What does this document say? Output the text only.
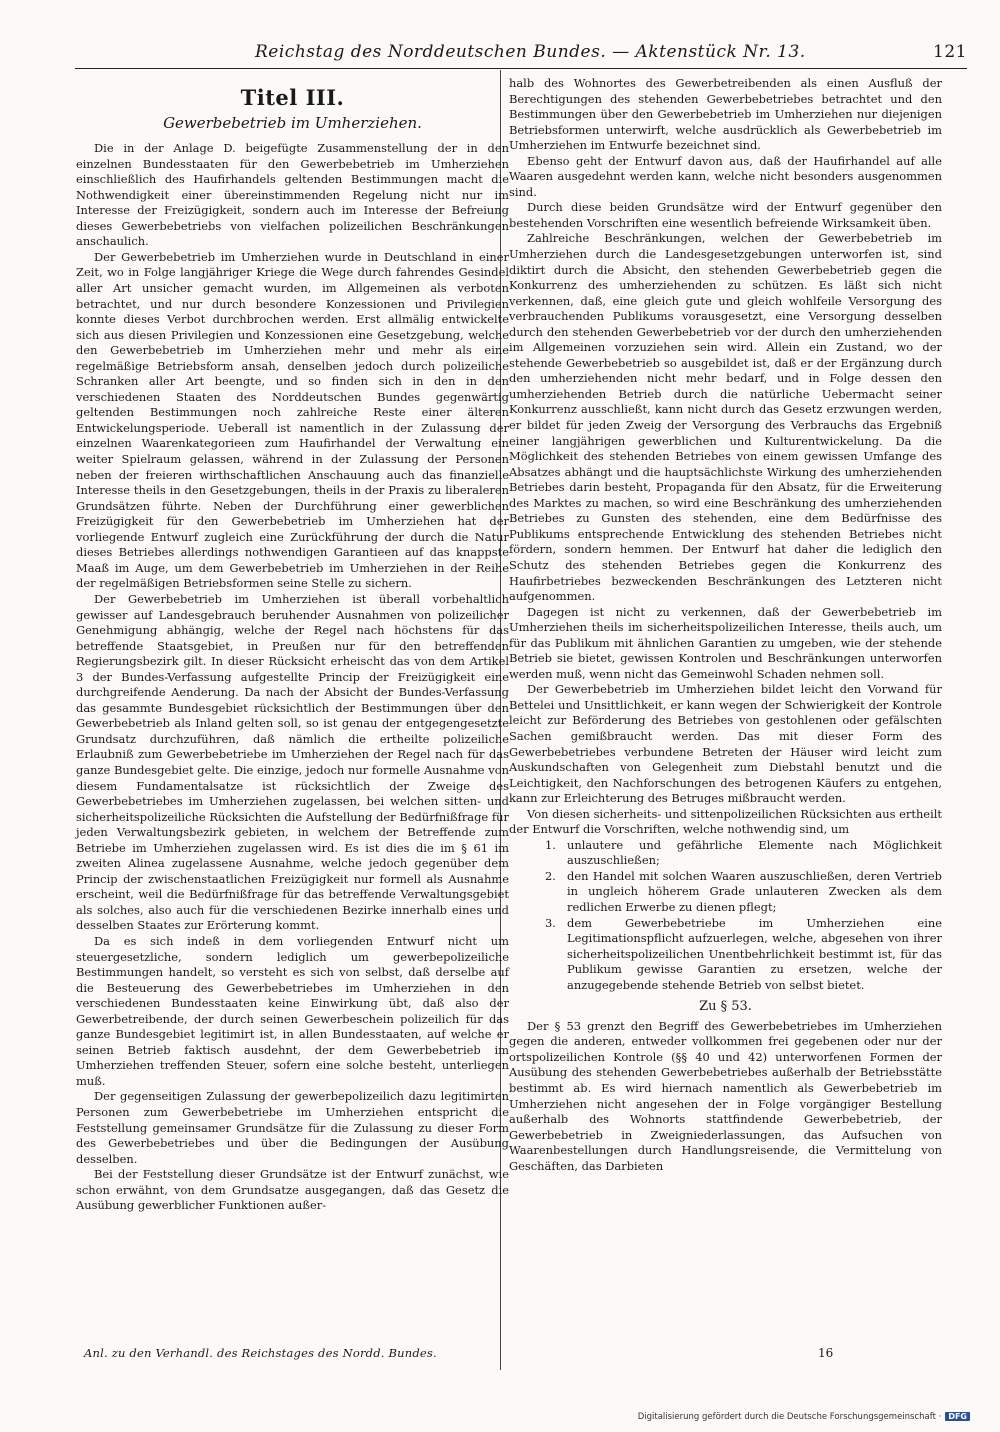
Reichstag des Norddeutschen Bundes. — Aktenstück Nr. 13.	121
Titel III.
Gewerbebetrieb im Umherziehen.

Die in der Anlage D. beigefügte Zusammenstellung der in den einzelnen Bundesstaaten für den Gewerbebetrieb im Umherziehen einschließlich des Haufirhandels geltenden Bestimmungen macht die Nothwendigkeit einer übereinstimmenden Regelung nicht nur im Interesse der Freizügigkeit, sondern auch im Interesse der Befreiung dieses Gewerbebetriebs von vielfachen polizeilichen Beschränkungen anschaulich.

Der Gewerbebetrieb im Umherziehen wurde in Deutschland in einer Zeit, wo in Folge langjähriger Kriege die Wege durch fahrendes Gesindel aller Art unsicher gemacht wurden, im Allgemeinen als verboten betrachtet, und nur durch besondere Konzessionen und Privilegien konnte dieses Verbot durchbrochen werden. Erst allmälig entwickelte sich aus diesen Privilegien und Konzessionen eine Gesetzgebung, welche den Gewerbebetrieb im Umherziehen mehr und mehr als eine regelmäßige Betriebsform ansah, denselben jedoch durch polizeiliche Schranken aller Art beengte, und so finden sich in den in den verschiedenen Staaten des Norddeutschen Bundes gegenwärtig geltenden Bestimmungen noch zahlreiche Reste einer älteren Entwickelungsperiode. Ueberall ist namentlich in der Zulassung der einzelnen Waarenkategorieen zum Haufirhandel der Verwaltung ein weiter Spielraum gelassen, während in der Zulassung der Personen neben der freieren wirthschaftlichen Anschauung auch das finanzielle Interesse theils in den Gesetzgebungen, theils in der Praxis zu liberaleren Grundsätzen führte. Neben der Durchführung einer gewerblichen Freizügigkeit für den Gewerbebetrieb im Umherziehen hat der vorliegende Entwurf zugleich eine Zurückführung der durch die Natur dieses Betriebes allerdings nothwendigen Garantieen auf das knappste Maaß im Auge, um dem Gewerbebetrieb im Umherziehen in der Reihe der regelmäßigen Betriebsformen seine Stelle zu sichern.

Der Gewerbebetrieb im Umherziehen ist überall vorbehaltlich gewisser auf Landesgebrauch beruhender Ausnahmen von polizeilicher Genehmigung abhängig, welche der Regel nach höchstens für das betreffende Staatsgebiet, in Preußen nur für den betreffenden Regierungsbezirk gilt. In dieser Rücksicht erheischt das von dem Artikel 3 der Bundes-Verfassung aufgestellte Princip der Freizügigkeit eine durchgreifende Aenderung. Da nach der Absicht der Bundes-Verfassung das gesammte Bundesgebiet rücksichtlich der Bestimmungen über den Gewerbebetrieb als Inland gelten soll, so ist genau der entgegengesetzte Grundsatz durchzuführen, daß nämlich die ertheilte polizeiliche Erlaubniß zum Gewerbebetriebe im Umherziehen der Regel nach für das ganze Bundesgebiet gelte. Die einzige, jedoch nur formelle Ausnahme von diesem Fundamentalsatze ist rücksichtlich der Zweige des Gewerbebetriebes im Umherziehen zugelassen, bei welchen sitten- und sicherheitspolizeiliche Rücksichten die Aufstellung der Bedürfnißfrage für jeden Verwaltungsbezirk gebieten, in welchem der Betreffende zum Betriebe im Umherziehen zugelassen wird. Es ist dies die im § 61 im zweiten Alinea zugelassene Ausnahme, welche jedoch gegenüber dem Princip der zwischenstaatlichen Freizügigkeit nur formell als Ausnahme erscheint, weil die Bedürfnißfrage für das betreffende Verwaltungsgebiet als solches, also auch für die verschiedenen Bezirke innerhalb eines und desselben Staates zur Erörterung kommt.

Da es sich indeß in dem vorliegenden Entwurf nicht um steuergesetzliche, sondern lediglich um gewerbepolizeiliche Bestimmungen handelt, so versteht es sich von selbst, daß derselbe auf die Besteuerung des Gewerbebetriebes im Umherziehen in den verschiedenen Bundesstaaten keine Einwirkung übt, daß also der Gewerbetreibende, der durch seinen Gewerbeschein polizeilich für das ganze Bundesgebiet legitimirt ist, in allen Bundesstaaten, auf welche er seinen Betrieb faktisch ausdehnt, der dem Gewerbebetrieb im Umherziehen treffenden Steuer, sofern eine solche besteht, unterliegen muß.

Der gegenseitigen Zulassung der gewerbepolizeilich dazu legitimirten Personen zum Gewerbebetriebe im Umherziehen entspricht die Feststellung gemeinsamer Grundsätze für die Zulassung zu dieser Form des Gewerbebetriebes und über die Bedingungen der Ausübung desselben.

Bei der Feststellung dieser Grundsätze ist der Entwurf zunächst, wie schon erwähnt, von dem Grundsatze ausgegangen, daß das Gesetz die Ausübung gewerblicher Funktionen außer-

halb des Wohnortes des Gewerbetreibenden als einen Ausfluß der Berechtigungen des stehenden Gewerbebetriebes betrachtet und den Bestimmungen über den Gewerbebetrieb im Umherziehen nur diejenigen Betriebsformen unterwirft, welche ausdrücklich als Gewerbebetrieb im Umherziehen im Entwurfe bezeichnet sind.

Ebenso geht der Entwurf davon aus, daß der Haufirhandel auf alle Waaren ausgedehnt werden kann, welche nicht besonders ausgenommen sind.

Durch diese beiden Grundsätze wird der Entwurf gegenüber den bestehenden Vorschriften eine wesentlich befreiende Wirksamkeit üben.

Zahlreiche Beschränkungen, welchen der Gewerbebetrieb im Umherziehen durch die Landesgesetzgebungen unterworfen ist, sind diktirt durch die Absicht, den stehenden Gewerbebetrieb gegen die Konkurrenz des umherziehenden zu schützen. Es läßt sich nicht verkennen, daß, eine gleich gute und gleich wohlfeile Versorgung des verbrauchenden Publikums vorausgesetzt, eine Versorgung desselben durch den stehenden Gewerbebetrieb vor der durch den umherziehenden im Allgemeinen vorzuziehen sein wird. Allein ein Zustand, wo der stehende Gewerbebetrieb so ausgebildet ist, daß er der Ergänzung durch den umherziehenden nicht mehr bedarf, und in Folge dessen den umherziehenden Betrieb durch die natürliche Uebermacht seiner Konkurrenz ausschließt, kann nicht durch das Gesetz erzwungen werden, er bildet für jeden Zweig der Versorgung des Verbrauchs das Ergebniß einer langjährigen gewerblichen und Kulturentwickelung. Da die Möglichkeit des stehenden Betriebes von einem gewissen Umfange des Absatzes abhängt und die hauptsächlichste Wirkung des umherziehenden Betriebes darin besteht, Propaganda für den Absatz, für die Erweiterung des Marktes zu machen, so wird eine Beschränkung des umherziehenden Betriebes zu Gunsten des stehenden, eine dem Bedürfnisse des Publikums entsprechende Entwicklung des stehenden Betriebes nicht fördern, sondern hemmen. Der Entwurf hat daher die lediglich den Schutz des stehenden Betriebes gegen die Konkurrenz des Haufirbetriebes bezweckenden Beschränkungen des Letzteren nicht aufgenommen.

Dagegen ist nicht zu verkennen, daß der Gewerbebetrieb im Umherziehen theils im sicherheitspolizeilichen Interesse, theils auch, um für das Publikum mit ähnlichen Garantien zu umgeben, wie der stehende Betrieb sie bietet, gewissen Kontrolen und Beschränkungen unterworfen werden muß, wenn nicht das Gemeinwohl Schaden nehmen soll.

Der Gewerbebetrieb im Umherziehen bildet leicht den Vorwand für Bettelei und Unsittlichkeit, er kann wegen der Schwierigkeit der Kontrole leicht zur Beförderung des Betriebes von gestohlenen oder gefälschten Sachen gemißbraucht werden. Das mit dieser Form des Gewerbebetriebes verbundene Betreten der Häuser wird leicht zum Auskundschaften von Gelegenheit zum Diebstahl benutzt und die Leichtigkeit, den Nachforschungen des betrogenen Käufers zu entgehen, kann zur Erleichterung des Betruges mißbraucht werden.

Von diesen sicherheits- und sittenpolizeilichen Rücksichten aus ertheilt der Entwurf die Vorschriften, welche nothwendig sind, um

1. unlautere und gefährliche Elemente nach Möglichkeit auszuschließen;
2. den Handel mit solchen Waaren auszuschließen, deren Vertrieb in ungleich höherem Grade unlauteren Zwecken als dem redlichen Erwerbe zu dienen pflegt;
3. dem Gewerbebetriebe im Umherziehen eine Legitimationspflicht aufzuerlegen, welche, abgesehen von ihrer sicherheitspolizeilichen Unentbehrlichkeit bestimmt ist, für das Publikum gewisse Garantien zu ersetzen, welche der anzugegebende stehende Betrieb von selbst bietet.
Zu § 53.

Der § 53 grenzt den Begriff des Gewerbebetriebes im Umherziehen gegen die anderen, entweder vollkommen frei gegebenen oder nur der ortspolizeilichen Kontrole (§§ 40 und 42) unterworfenen Formen der Ausübung des stehenden Gewerbebetriebes außerhalb der Betriebsstätte bestimmt ab. Es wird hiernach namentlich als Gewerbebetrieb im Umherziehen nicht angesehen der in Folge vorgängiger Bestellung außerhalb des Wohnorts stattfindende Gewerbebetrieb, der Gewerbebetrieb in Zweigniederlassungen, das Aufsuchen von Waarenbestellungen durch Handlungsreisende, die Vermittelung von Geschäften, das Darbieten

Anl. zu den Verhandl. des Reichstages des Nordd. Bundes.	16
Digitalisierung gefördert durch die Deutsche Forschungsgemeinschaft · DFG
